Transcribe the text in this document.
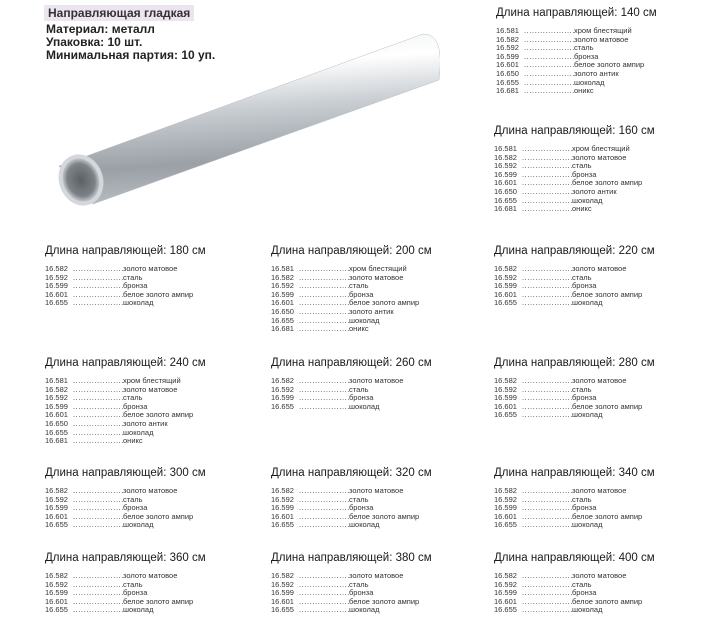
Направляющая гладкая
Материал: металл
Упаковка: 10 шт.
Минимальная партия: 10 уп.
Длина направляющей: 140 см
16.581 .....	хром блестящий
16.582 .....	золото матовое
16.592 .....	сталь
16.599 .....	бронза
16.601 .....	белое золото ампир
16.650 .....	золото антик
16.655 .....	шоколад
16.681 .....	оникс
Длина направляющей: 160 см
16.581 .....	хром блестящий
16.582 .....	золото матовое
16.592 .....	сталь
16.599 .....	бронза
16.601 .....	белое золото ампир
16.650 .....	золото антик
16.655 .....	шоколад
16.681 .....	оникс
Длина направляющей: 180 см
16.582 .....	золото матовое
16.592 .....	сталь
16.599 .....	бронза
16.601 .....	белое золото ампир
16.655 .....	шоколад
Длина направляющей: 200 см
16.581 .....	хром блестящий
16.582 .....	золото матовое
16.592 .....	сталь
16.599 .....	бронза
16.601 .....	белое золото ампир
16.650 .....	золото антик
16.655 .....	шоколад
16.681 .....	оникс
Длина направляющей: 220 см
16.582 .....	золото матовое
16.592 .....	сталь
16.599 .....	бронза
16.601 .....	белое золото ампир
16.655 .....	шоколад
Длина направляющей: 240 см
16.581 .....	хром блестящий
16.582 .....	золото матовое
16.592 .....	сталь
16.599 .....	бронза
16.601 .....	белое золото ампир
16.650 .....	золото антик
16.655 .....	шоколад
16.681 .....	оникс
Длина направляющей: 260 см
16.582 .....	золото матовое
16.592 .....	сталь
16.599 .....	бронза
16.655 .....	шоколад
Длина направляющей: 280 см
16.582 .....	золото матовое
16.592 .....	сталь
16.599 .....	бронза
16.601 .....	белое золото ампир
16.655 .....	шоколад
Длина направляющей: 300 см
16.582 .....	золото матовое
16.592 .....	сталь
16.599 .....	бронза
16.601 .....	белое золото ампир
16.655 .....	шоколад
Длина направляющей: 320 см
16.582 .....	золото матовое
16.592 .....	сталь
16.599 .....	бронза
16.601 .....	белое золото ампир
16.655 .....	шоколад
Длина направляющей: 340 см
16.582 .....	золото матовое
16.592 .....	сталь
16.599 .....	бронза
16.601 .....	белое золото ампир
16.655 .....	шоколад
Длина направляющей: 360 см
16.582 .....	золото матовое
16.592 .....	сталь
16.599 .....	бронза
16.601 .....	белое золото ампир
16.655 .....	шоколад
Длина направляющей: 380 см
16.582 .....	золото матовое
16.592 .....	сталь
16.599 .....	бронза
16.601 .....	белое золото ампир
16.655 .....	шоколад
Длина направляющей: 400 см
16.582 .....	золото матовое
16.592 .....	сталь
16.599 .....	бронза
16.601 .....	белое золото ампир
16.655 .....	шоколад
